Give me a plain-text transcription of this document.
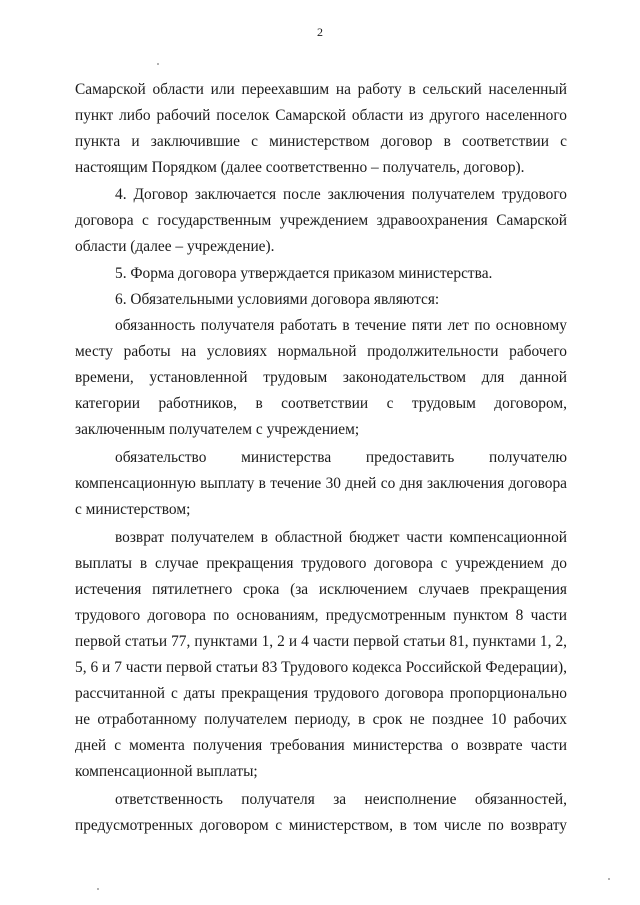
2

Самарской области или переехавшим на работу в сельский населенный

пункт либо рабочий поселок Самарской области из другого населенного

пункта и заключившие с министерством договор в соответствии с

настоящим Порядком (далее соответственно – получатель, договор).

4. Договор заключается после заключения получателем трудового

договора с государственным учреждением здравоохранения Самарской

области (далее – учреждение).

5. Форма договора утверждается приказом министерства.

6. Обязательными условиями договора являются:

обязанность получателя работать в течение пяти лет по основному

месту работы на условиях нормальной продолжительности рабочего

времени, установленной трудовым законодательством для данной

категории работников, в соответствии с трудовым договором,

заключенным получателем с учреждением;

обязательство министерства предоставить получателю

компенсационную выплату в течение 30 дней со дня заключения договора

с министерством;

возврат получателем в областной бюджет части компенсационной

выплаты в случае прекращения трудового договора с учреждением до

истечения пятилетнего срока (за исключением случаев прекращения

трудового договора по основаниям, предусмотренным пунктом 8 части

первой статьи 77, пунктами 1, 2 и 4 части первой статьи 81, пунктами 1, 2,

5, 6 и 7 части первой статьи 83 Трудового кодекса Российской Федерации),

рассчитанной с даты прекращения трудового договора пропорционально

не отработанному получателем периоду, в срок не позднее 10 рабочих

дней с момента получения требования министерства о возврате части

компенсационной выплаты;

ответственность получателя за неисполнение обязанностей,

предусмотренных договором с министерством, в том числе по возврату
